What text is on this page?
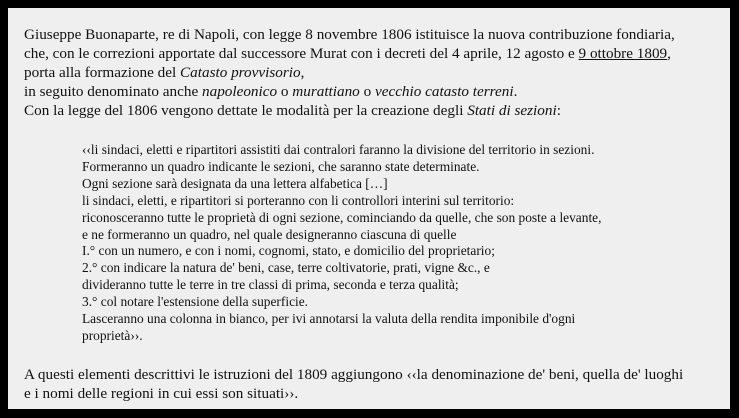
Giuseppe Buonaparte, re di Napoli, con legge 8 novembre 1806 istituisce la nuova contribuzione fondiaria,
che, con le correzioni apportate dal successore Murat con i decreti del 4 aprile, 12 agosto e 9 ottobre 1809,
porta alla formazione del Catasto provvisorio,
in seguito denominato anche napoleonico o murattiano o vecchio catasto terreni.
Con la legge del 1806 vengono dettate le modalità per la creazione degli Stati di sezioni:
‹‹li sindaci, eletti e ripartitori assistiti dai contralori faranno la divisione del territorio in sezioni.
Formeranno un quadro indicante le sezioni, che saranno state determinate.
Ogni sezione sarà designata da una lettera alfabetica […]
li sindaci, eletti, e ripartitori si porteranno con li controllori interini sul territorio:
riconosceranno tutte le proprietà di ogni sezione, cominciando da quelle, che son poste a levante,
e ne formeranno un quadro, nel quale designeranno ciascuna di quelle
I.° con un numero, e con i nomi, cognomi, stato, e domicilio del proprietario;
2.° con indicare la natura de' beni, case, terre coltivatorie, prati, vigne &c., e
divideranno tutte le terre in tre classi di prima, seconda e terza qualità;
3.° col notare l'estensione della superficie.
Lasceranno una colonna in bianco, per ivi annotarsi la valuta della rendita imponibile d'ogni
proprietà››.
A questi elementi descrittivi le istruzioni del 1809 aggiungono ‹‹la denominazione de' beni, quella de' luoghi
e i nomi delle regioni in cui essi son situati››.
